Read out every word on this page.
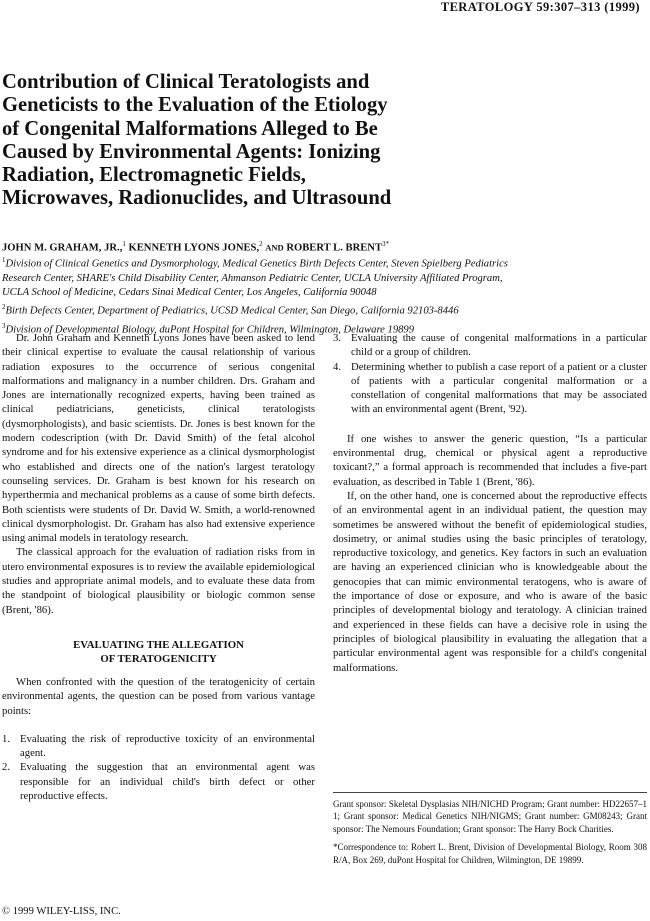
TERATOLOGY 59:307–313 (1999)
Contribution of Clinical Teratologists and
Geneticists to the Evaluation of the Etiology
of Congenital Malformations Alleged to Be
Caused by Environmental Agents: Ionizing
Radiation, Electromagnetic Fields,
Microwaves, Radionuclides, and Ultrasound
JOHN M. GRAHAM, JR.,$^1$ KENNETH LYONS JONES,$^2$ AND ROBERT L. $BRENT^{3*}$
$^1$Division of Clinical Genetics and Dysmorphology, Medical Genetics Birth Defects Center, Steven Spielberg Pediatrics
Research Center, SHARE's Child Disability Center, Ahmanson Pediatric Center, UCLA University Affiliated Program,
UCLA School of Medicine, Cedars Sinai Medical Center, Los Angeles, California 90048
$^2$Birth Defects Center, Department of Pediatrics, UCSD Medical Center, San Diego, California 92103-8446
$^3$Division of Developmental Biology, duPont Hospital for Children, Wilmington, Delaware 19899

Dr. John Graham and Kenneth Lyons Jones have been asked to lend their clinical expertise to evaluate the causal relationship of various radiation exposures to the occurrence of serious congenital malformations and malignancy in a number children. Drs. Graham and Jones are internationally recognized experts, having been trained as clinical pediatricians, geneticists, clinical teratologists (dysmorphologists), and basic scientists. Dr. Jones is best known for the modern codescription (with Dr. David Smith) of the fetal alcohol syndrome and for his extensive experience as a clinical dysmorphologist who established and directs one of the nation's largest teratology counseling services. Dr. Graham is best known for his research on hyperthermia and mechanical problems as a cause of some birth defects. Both scientists were students of Dr. David W. Smith, a world-renowned clinical dysmorphologist. Dr. Graham has also had extensive experience using animal models in teratology research.

The classical approach for the evaluation of radiation risks from in utero environmental exposures is to review the available epidemiological studies and appropriate animal models, and to evaluate these data from the standpoint of biological plausibility or biologic common sense (Brent, '86).

EVALUATING THE ALLEGATION
OF TERATOGENICITY

When confronted with the question of the teratogenicity of certain environmental agents, the question can be posed from various vantage points:

1. Evaluating the risk of reproductive toxicity of an environmental agent.
2. Evaluating the suggestion that an environmental agent was responsible for an individual child's birth defect or other reproductive effects.
3. Evaluating the cause of congenital malformations in a particular child or a group of children.
4. Determining whether to publish a case report of a patient or a cluster of patients with a particular congenital malformation or a constellation of congenital malformations that may be associated with an environmental agent (Brent, '92).

If one wishes to answer the generic question, “Is a particular environmental drug, chemical or physical agent a reproductive toxicant?,” a formal approach is recommended that includes a five-part evaluation, as described in Table 1 (Brent, '86).

If, on the other hand, one is concerned about the reproductive effects of an environmental agent in an individual patient, the question may sometimes be answered without the benefit of epidemiological studies, dosimetry, or animal studies using the basic principles of teratology, reproductive toxicology, and genetics. Key factors in such an evaluation are having an experienced clinician who is knowledgeable about the genocopies that can mimic environmental teratogens, who is aware of the importance of dose or exposure, and who is aware of the basic principles of developmental biology and teratology. A clinician trained and experienced in these fields can have a decisive role in using the principles of biological plausibility in evaluating the allegation that a particular environmental agent was responsible for a child's congenital malformations.

Grant sponsor: Skeletal Dysplasias NIH/NICHD Program; Grant number: HD22657–1 1; Grant sponsor: Medical Genetics NIH/NIGMS; Grant number: GM08243; Grant sponsor: The Nemours Foundation; Grant sponsor: The Harry Bock Charities.

*Correspondence to: Robert L. Brent, Division of Developmental Biology, Room 308 R/A, Box 269, duPont Hospital for Children, Wilmington, DE 19899.

© 1999 WILEY-LISS, INC.
